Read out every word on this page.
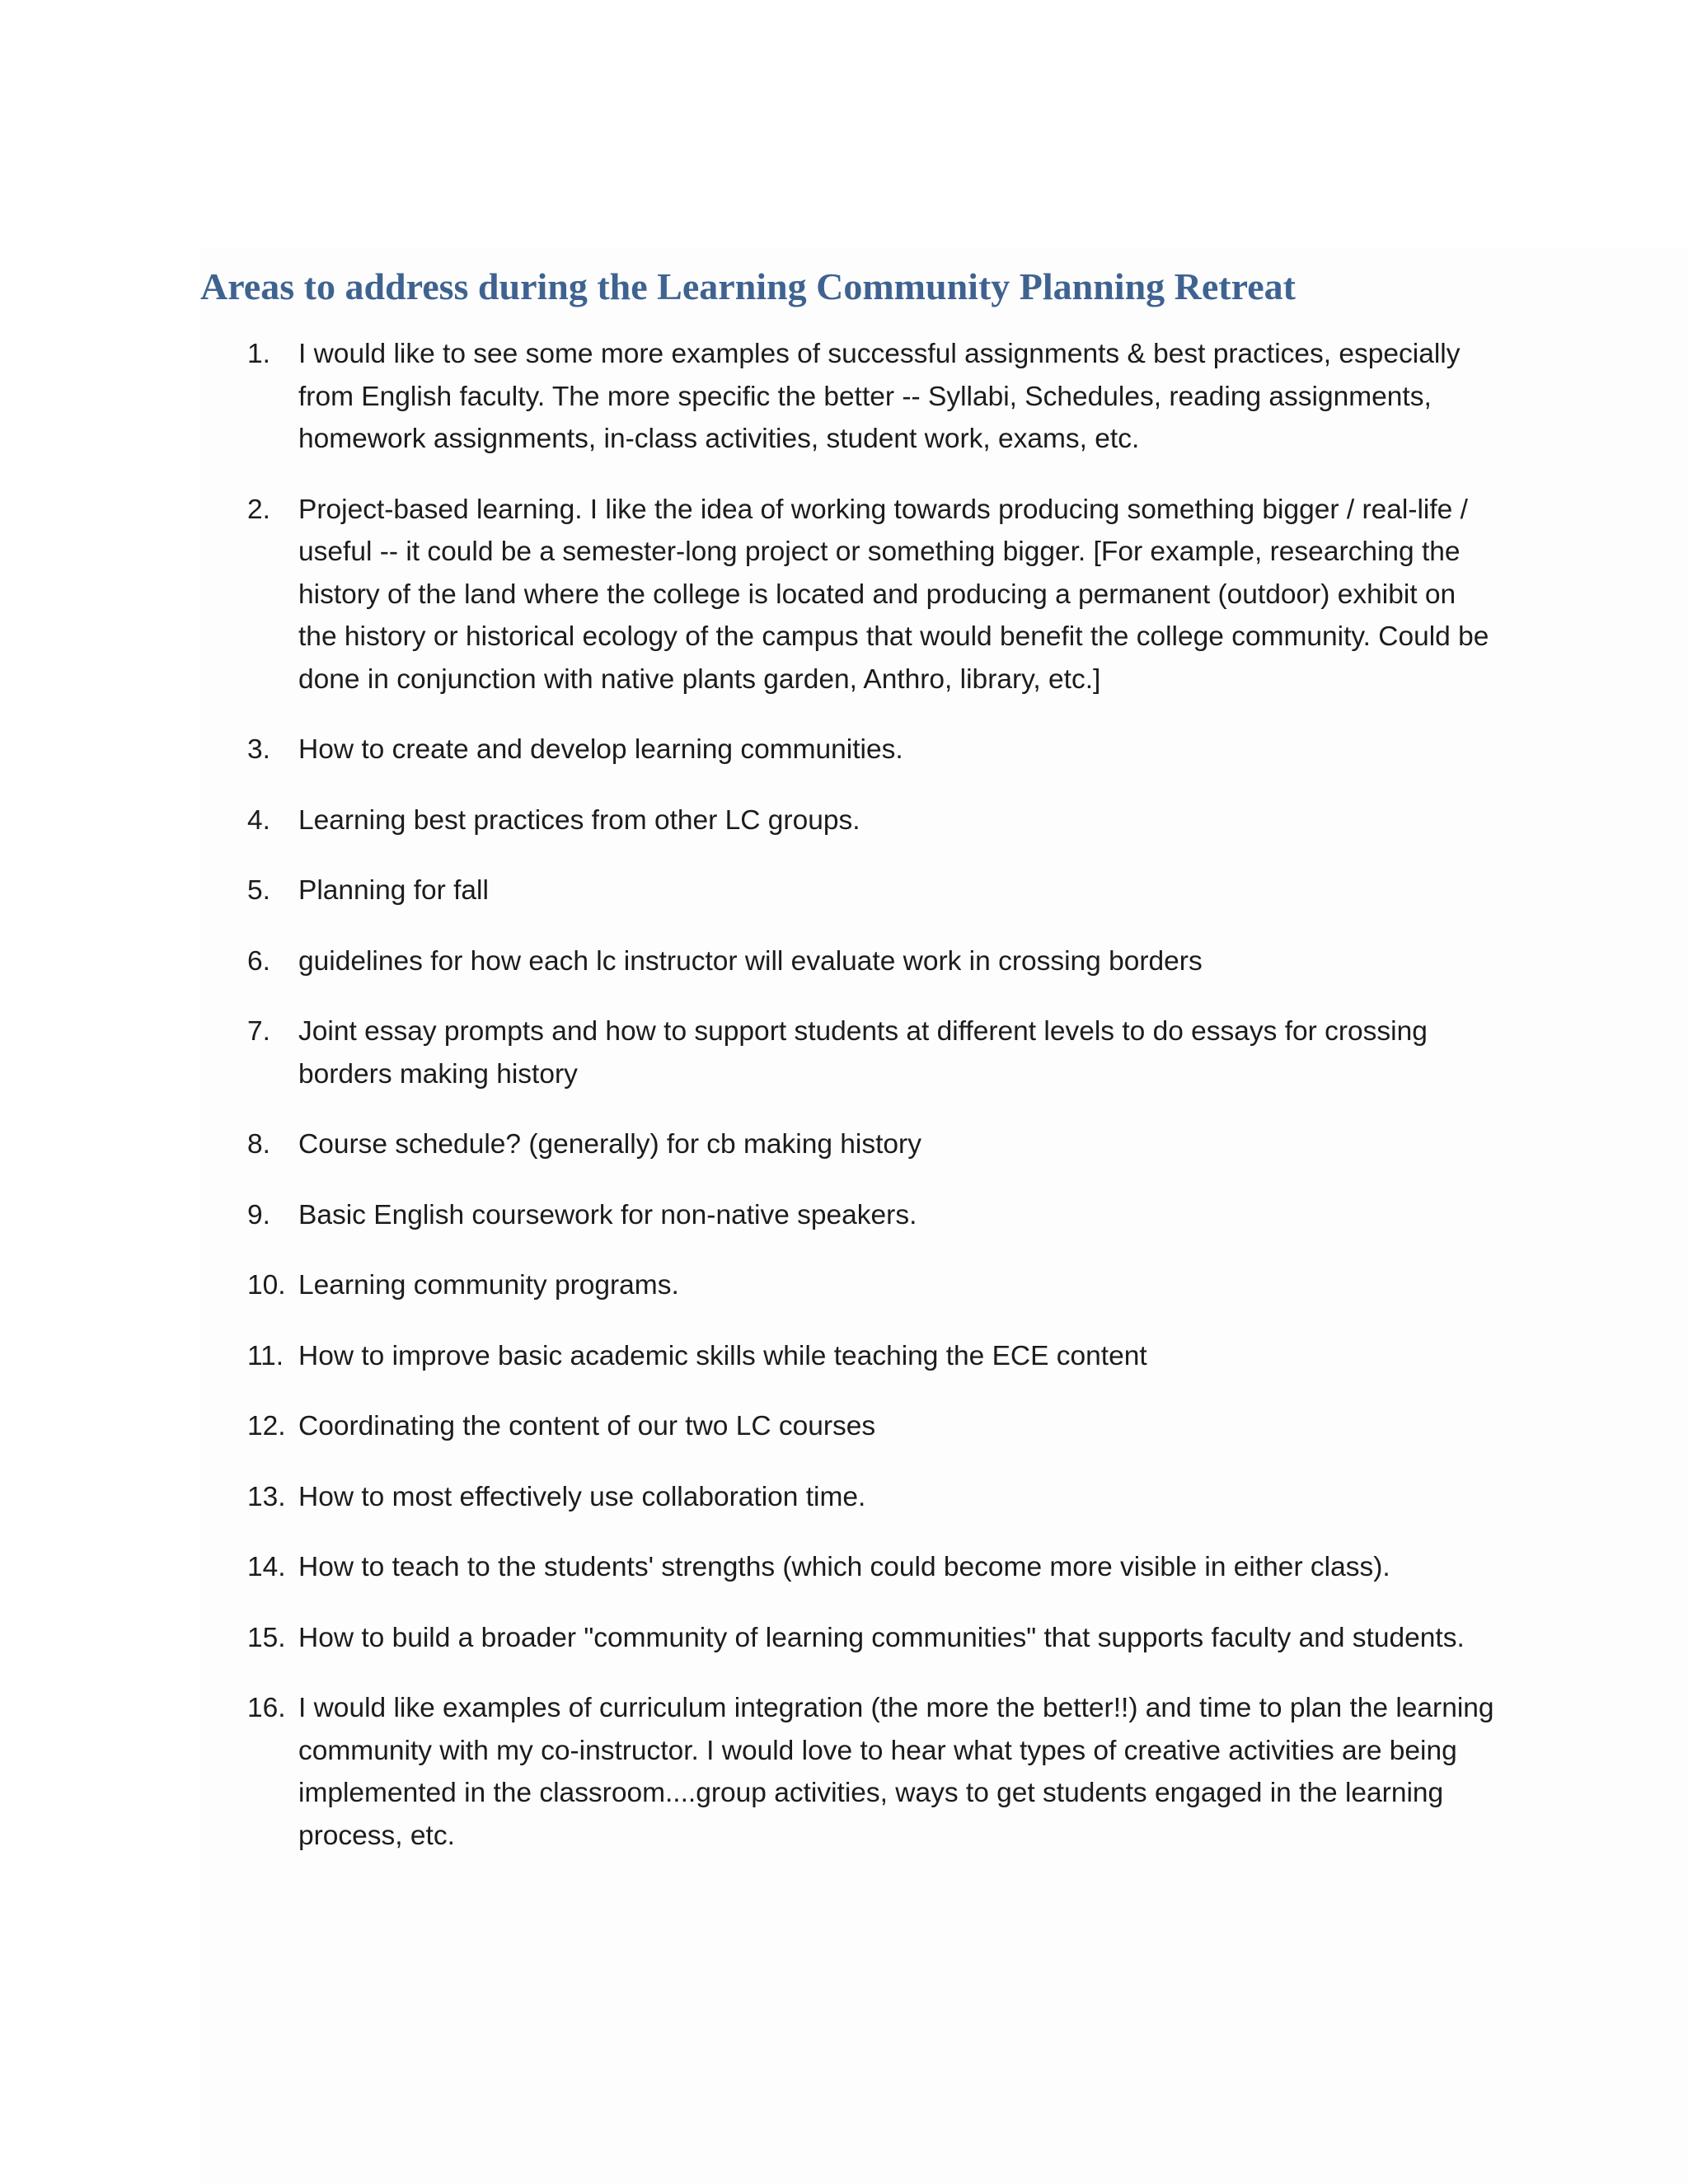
Areas to address during the Learning Community Planning Retreat
1.	I would like to see some more examples of successful assignments & best practices, especially from English faculty. The more specific the better -- Syllabi, Schedules, reading assignments, homework assignments, in-class activities, student work, exams, etc.
2.	Project-based learning. I like the idea of working towards producing something bigger / real-life / useful -- it could be a semester-long project or something bigger. [For example, researching the history of the land where the college is located and producing a permanent (outdoor) exhibit on the history or historical ecology of the campus that would benefit the college community. Could be done in conjunction with native plants garden, Anthro, library, etc.]
3.	How to create and develop learning communities.
4.	Learning best practices from other LC groups.
5.	Planning for fall
6.	guidelines for how each lc instructor will evaluate work in crossing borders
7.	Joint essay prompts and how to support students at different levels to do essays for crossing borders making history
8.	Course schedule? (generally) for cb making history
9.	Basic English coursework for non-native speakers.
10. Learning community programs.
11. How to improve basic academic skills while teaching the ECE content
12. Coordinating the content of our two LC courses
13. How to most effectively use collaboration time.
14. How to teach to the students' strengths (which could become more visible in either class).
15. How to build a broader "community of learning communities" that supports faculty and students.
16. I would like examples of curriculum integration (the more the better!!) and time to plan the learning community with my co-instructor. I would love to hear what types of creative activities are being implemented in the classroom....group activities, ways to get students engaged in the learning process, etc.
